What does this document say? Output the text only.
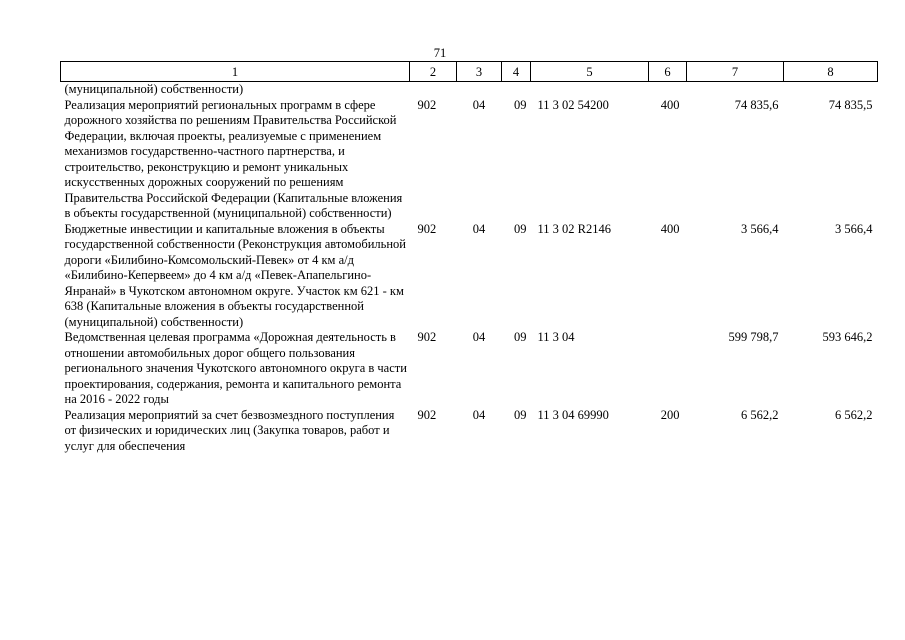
71
1	2	3	4	5	6	7	8
(муниципальной) собственности)							
Реализация мероприятий региональных программ в сфере дорожного хозяйства по решениям Правительства Российской Федерации, включая проекты, реализуемые с применением механизмов государственно-частного партнерства, и строительство, реконструкцию и ремонт уникальных искусственных дорожных сооружений по решениям Правительства Российской Федерации (Капитальные вложения в объекты государственной (муниципальной) собственности)	902	04	09	11 3 02 54200	400	74 835,6	74 835,5
Бюджетные инвестиции и капитальные вложения в объекты государственной собственности (Реконструкция автомобильной дороги «Билибино-Комсомольский-Певек» от 4 км а/д «Билибино-Кепервеем» до 4 км а/д «Певек-Апапельгино-Янранай» в Чукотском автономном округе. Участок км 621 - км 638 (Капитальные вложения в объекты государственной (муниципальной) собственности)	902	04	09	11 3 02 R2146	400	3 566,4	3 566,4
Ведомственная целевая программа «Дорожная деятельность в отношении автомобильных дорог общего пользования регионального значения Чукотского автономного округа в части проектирования, содержания, ремонта и капитального ремонта на 2016 - 2022 годы	902	04	09	11 3 04		599 798,7	593 646,2
Реализация мероприятий за счет безвозмездного поступления от физических и юридических лиц (Закупка товаров, работ и услуг для обеспечения	902	04	09	11 3 04 69990	200	6 562,2	6 562,2
